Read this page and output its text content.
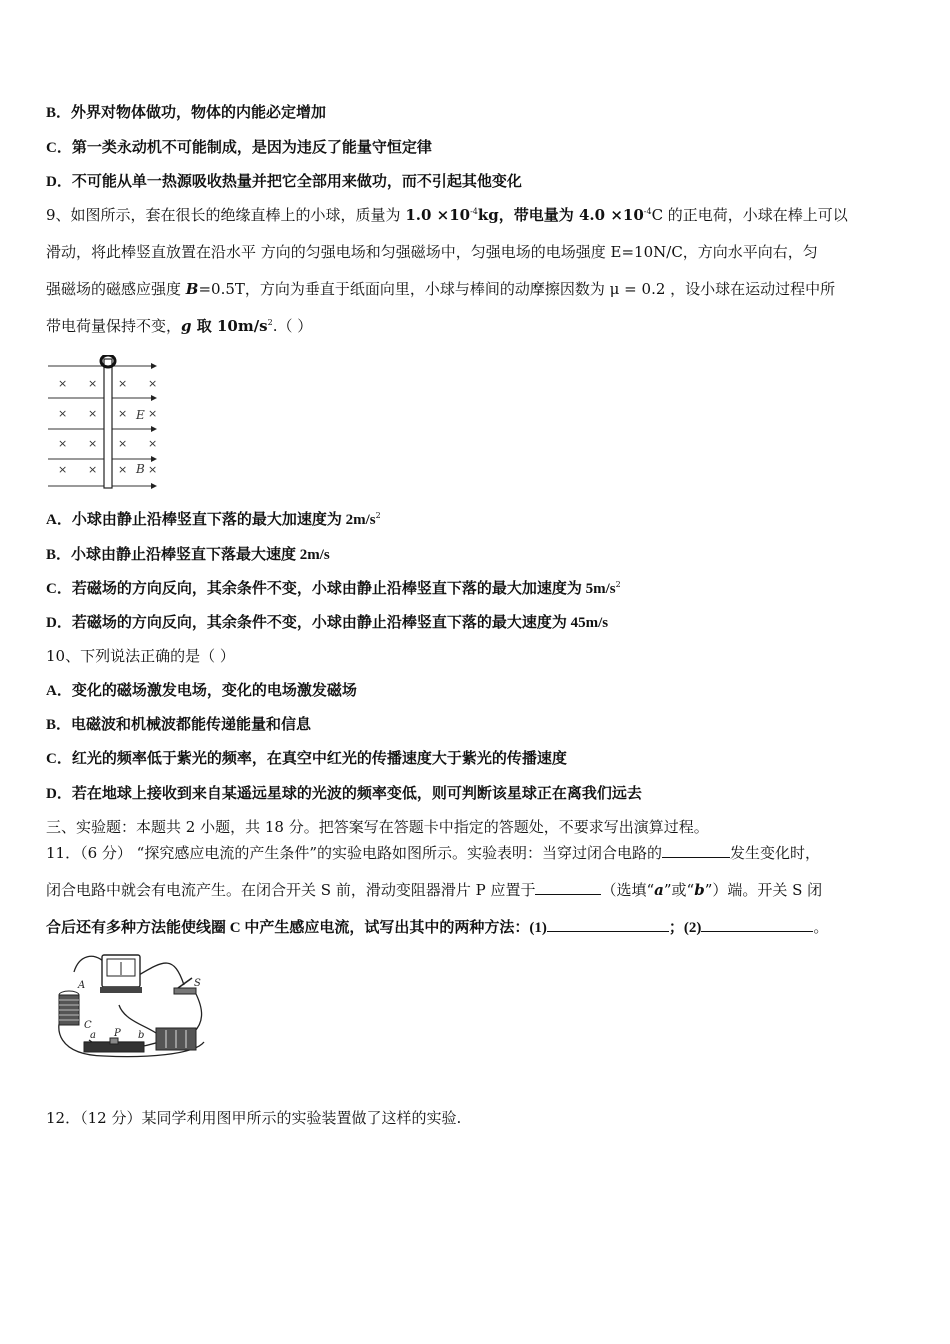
B．外界对物体做功，物体的内能必定增加
C．第一类永动机不可能制成，是因为违反了能量守恒定律
D．不可能从单一热源吸收热量并把它全部用来做功，而不引起其他变化
9、如图所示，套在很长的绝缘直棒上的小球，质量为 $1.0 \times 10^{-4}kg$，带电量为 $4.0 \times 10^{-4}C$ 的正电荷，小球在棒上可以
滑动，将此棒竖直放置在沿水平 方向的匀强电场和匀强磁场中，匀强电场的电场强度 E=10N/C，方向水平向右，匀
强磁场的磁感应强度 B=0.5T，方向为垂直于纸面向里，小球与棒间的动摩擦因数为 μ = 0.2 ，设小球在运动过程中所
带电荷量保持不变，g 取 $10m/s^2$.（ ）
× × × ×
× × × ×
× × × ×
× × × ×
E
B
A．小球由静止沿棒竖直下落的最大加速度为 $2m/s^2$
B．小球由静止沿棒竖直下落最大速度 2m/s
C．若磁场的方向反向，其余条件不变，小球由静止沿棒竖直下落的最大加速度为 $5m/s^2$
D．若磁场的方向反向，其余条件不变，小球由静止沿棒竖直下落的最大速度为 45m/s
10、下列说法正确的是（ ）
A．变化的磁场激发电场，变化的电场激发磁场
B．电磁波和机械波都能传递能量和信息
C．红光的频率低于紫光的频率，在真空中红光的传播速度大于紫光的传播速度
D．若在地球上接收到来自某遥远星球的光波的频率变低，则可判断该星球正在离我们远去
三、实验题：本题共 2 小题，共 18 分。把答案写在答题卡中指定的答题处，不要求写出演算过程。
11．（6 分） “探究感应电流的产生条件”的实验电路如图所示。实验表明：当穿过闭合电路的	发生变化时，
闭合电路中就会有电流产生。在闭合开关 S 前，滑动变阻器滑片 P 应置于	（选填“a”或“b”）端。开关 S 闭
合后还有多种方法能使线圈 C 中产生感应电流，试写出其中的两种方法：(1)	；(2)	。
A
C
S
a P b
12．（12 分）某同学利用图甲所示的实验装置做了这样的实验.
